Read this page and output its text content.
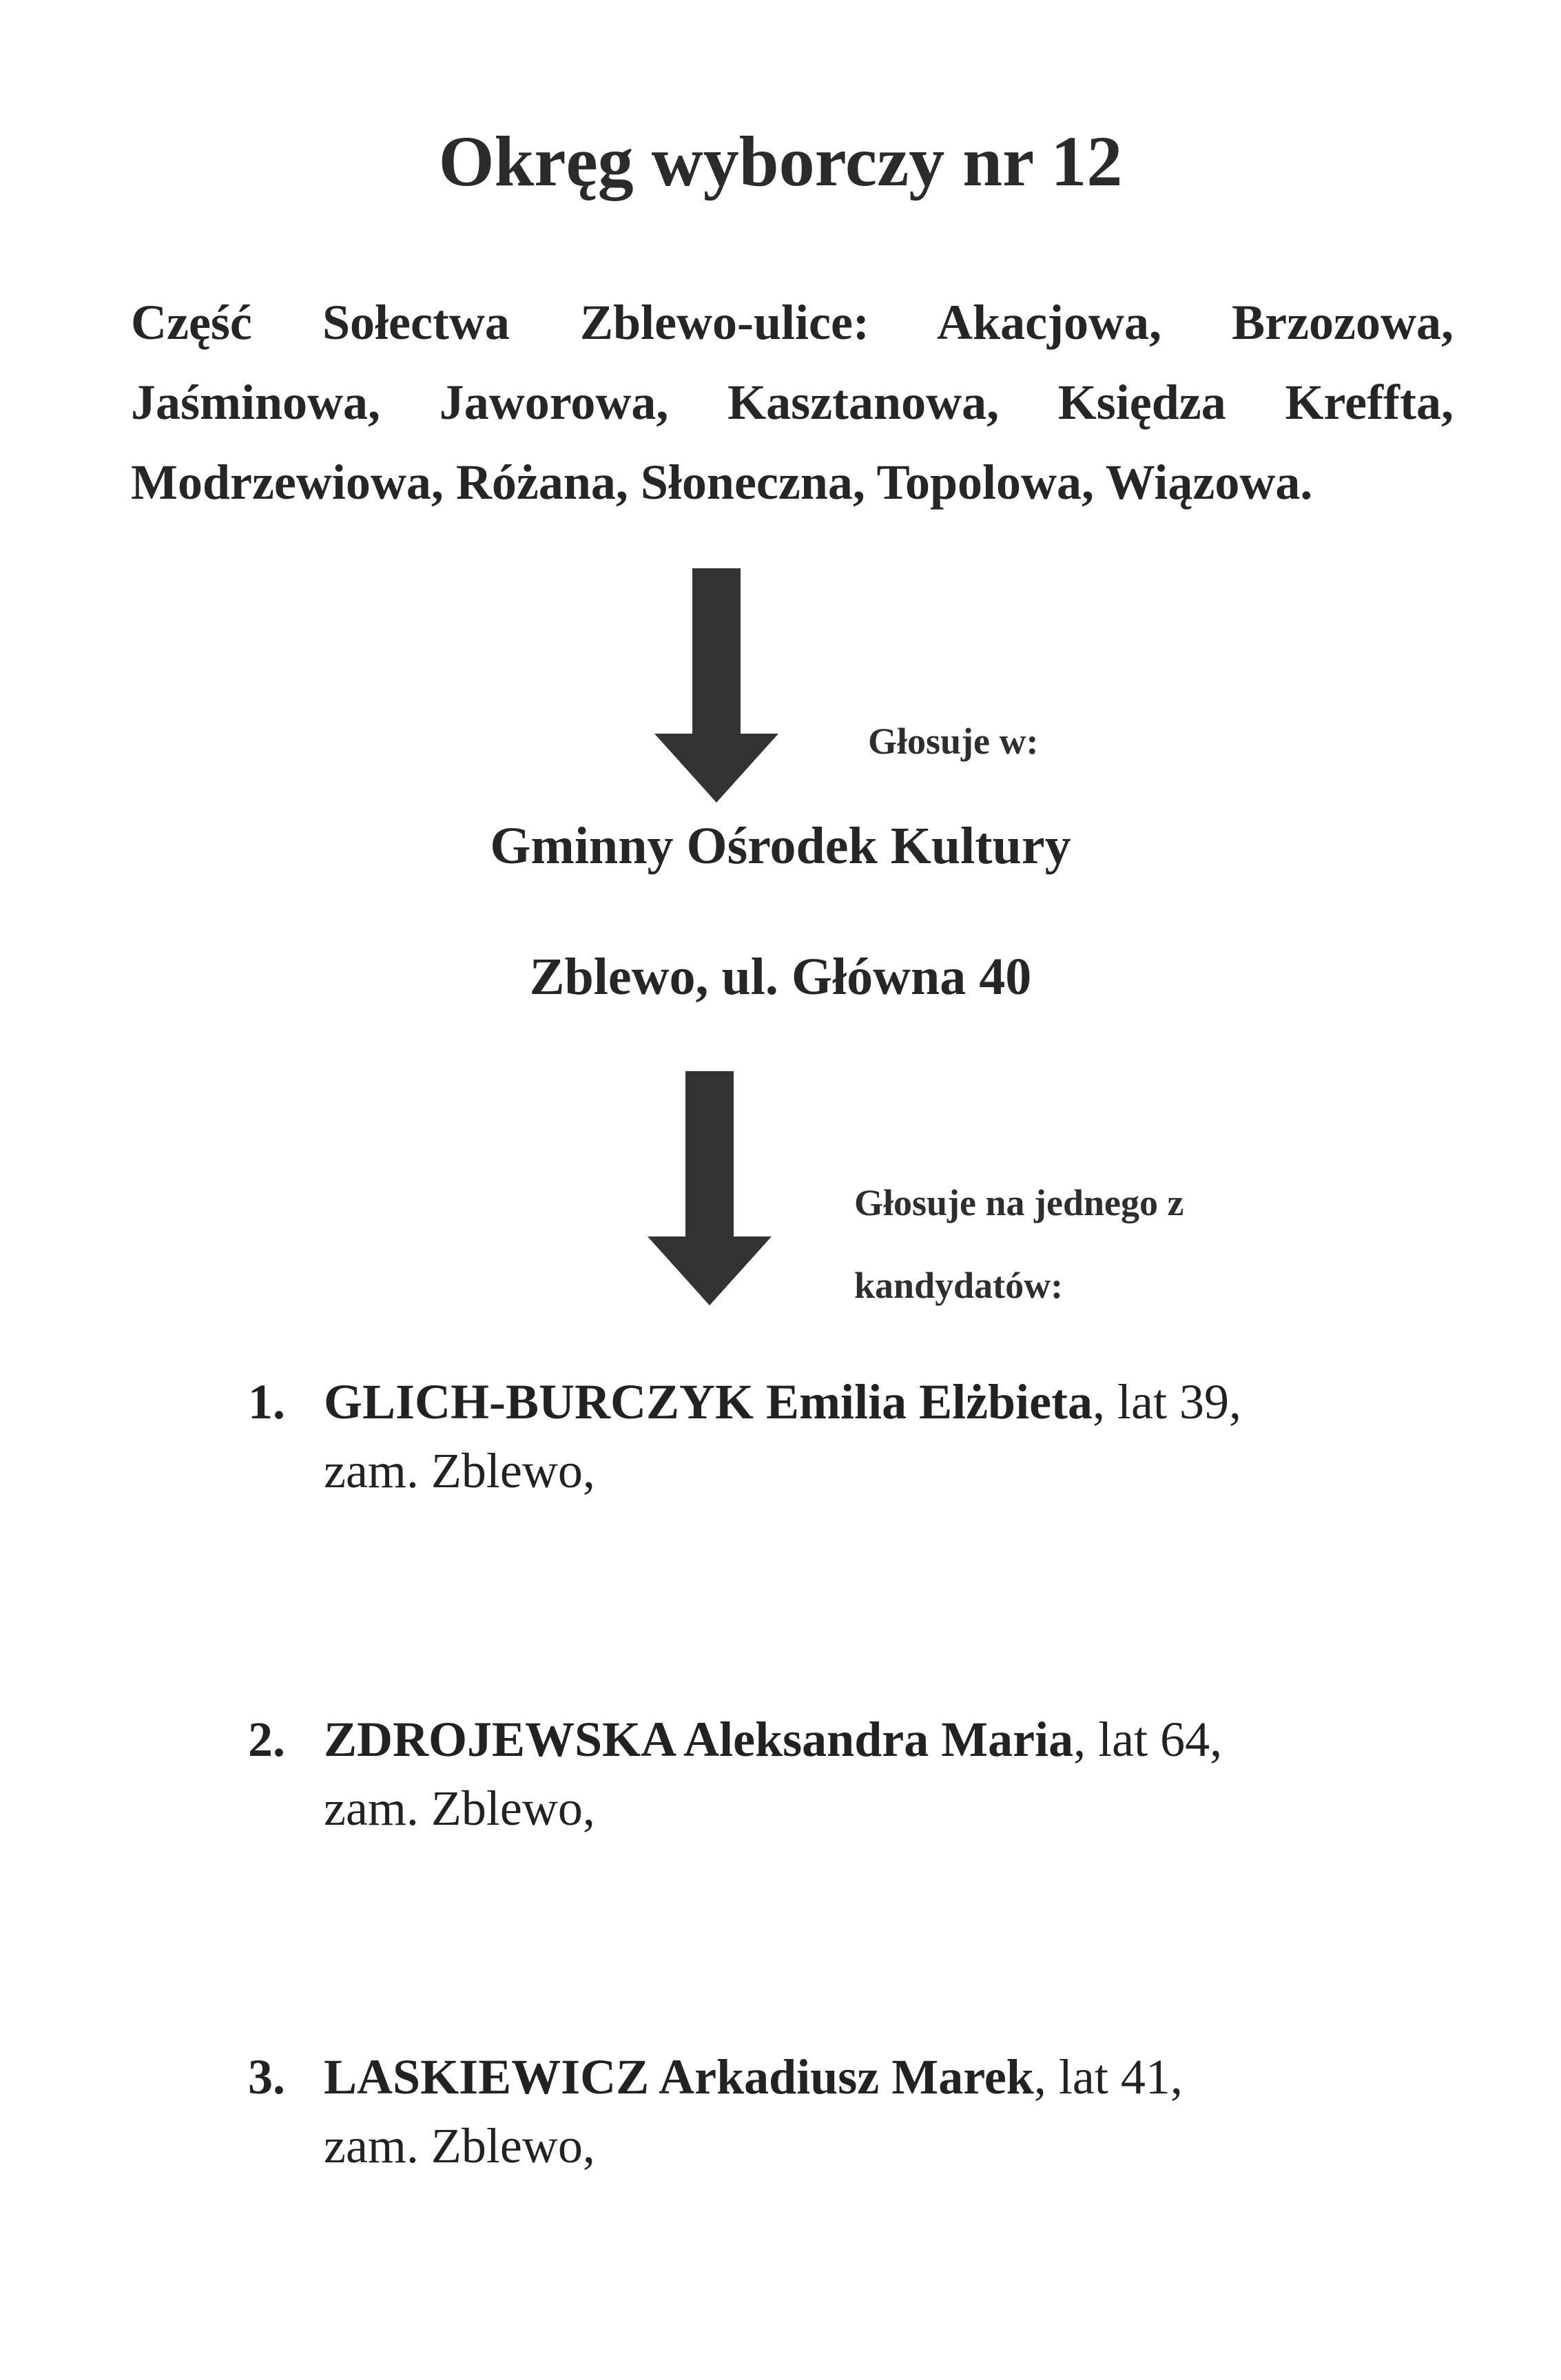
Okręg wyborczy nr 12

Część Sołectwa Zblewo-ulice: Akacjowa, Brzozowa, Jaśminowa, Jaworowa, Kasztanowa, Księdza Kreffta, Modrzewiowa, Różana, Słoneczna, Topolowa, Wiązowa.

Głosuje w:

Gminny Ośrodek Kultury

Zblewo, ul. Główna 40

Głosuje na jednego z

kandydatów:

1. GLICH-BURCZYK Emilia Elżbieta, lat 39,
zam. Zblewo,
2. ZDROJEWSKA Aleksandra Maria, lat 64,
zam. Zblewo,
3. LASKIEWICZ Arkadiusz Marek, lat 41,
zam. Zblewo,
